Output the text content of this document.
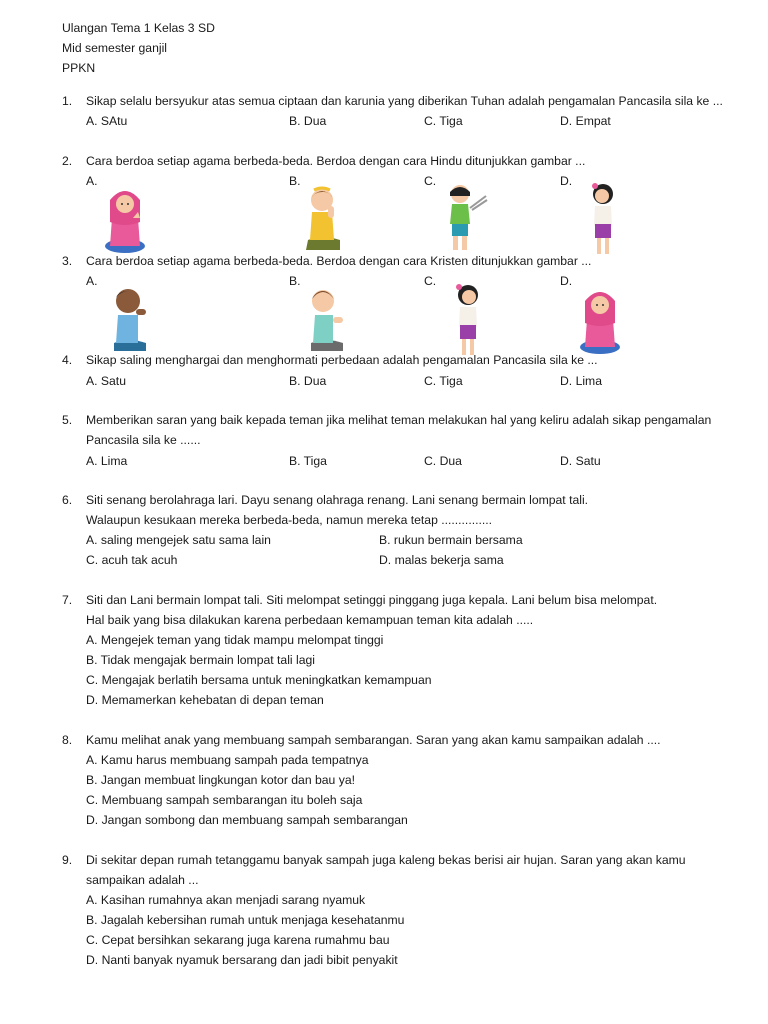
Ulangan Tema 1 Kelas 3 SD
Mid semester ganjil
PPKN
1. Sikap selalu bersyukur atas semua ciptaan dan karunia yang diberikan Tuhan adalah pengamalan Pancasila sila ke ...
A. SAtu	B. Dua	C. Tiga	D. Empat
2. Cara berdoa setiap agama berbeda-beda. Berdoa dengan cara Hindu ditunjukkan gambar ...
A.	B.	C.	D.
3. Cara berdoa setiap agama berbeda-beda. Berdoa dengan cara Kristen ditunjukkan gambar ...
A.	B.	C.	D.
4. Sikap saling menghargai dan menghormati perbedaan adalah pengamalan Pancasila sila ke ...
A. Satu	B. Dua	C. Tiga	D. Lima
5. Memberikan saran yang baik kepada teman jika melihat teman melakukan hal yang keliru adalah sikap pengamalan
Pancasila sila ke ......
A. Lima	B. Tiga	C. Dua	D. Satu
6. Siti senang berolahraga lari. Dayu senang olahraga renang. Lani senang bermain lompat tali.
Walaupun kesukaan mereka berbeda-beda, namun mereka tetap ...............
A. saling mengejek satu sama lain	B. rukun bermain bersama
C. acuh tak acuh	D. malas bekerja sama
7. Siti dan Lani bermain lompat tali. Siti melompat setinggi pinggang juga kepala. Lani belum bisa melompat.
Hal baik yang bisa dilakukan karena perbedaan kemampuan teman kita adalah .....
A. Mengejek teman yang tidak mampu melompat tinggi
B. Tidak mengajak bermain lompat tali lagi
C. Mengajak berlatih bersama untuk meningkatkan kemampuan
D. Memamerkan kehebatan di depan teman
8. Kamu melihat anak yang membuang sampah sembarangan. Saran yang akan kamu sampaikan adalah ....
A. Kamu harus membuang sampah pada tempatnya
B. Jangan membuat lingkungan kotor dan bau ya!
C. Membuang sampah sembarangan itu boleh saja
D. Jangan sombong dan membuang sampah sembarangan
9. Di sekitar depan rumah tetanggamu banyak sampah juga kaleng bekas berisi air hujan. Saran yang akan kamu
sampaikan adalah ...
A. Kasihan rumahnya akan menjadi sarang nyamuk
B. Jagalah kebersihan rumah untuk menjaga kesehatanmu
C. Cepat bersihkan sekarang juga karena rumahmu bau
D. Nanti banyak nyamuk bersarang dan jadi bibit penyakit
